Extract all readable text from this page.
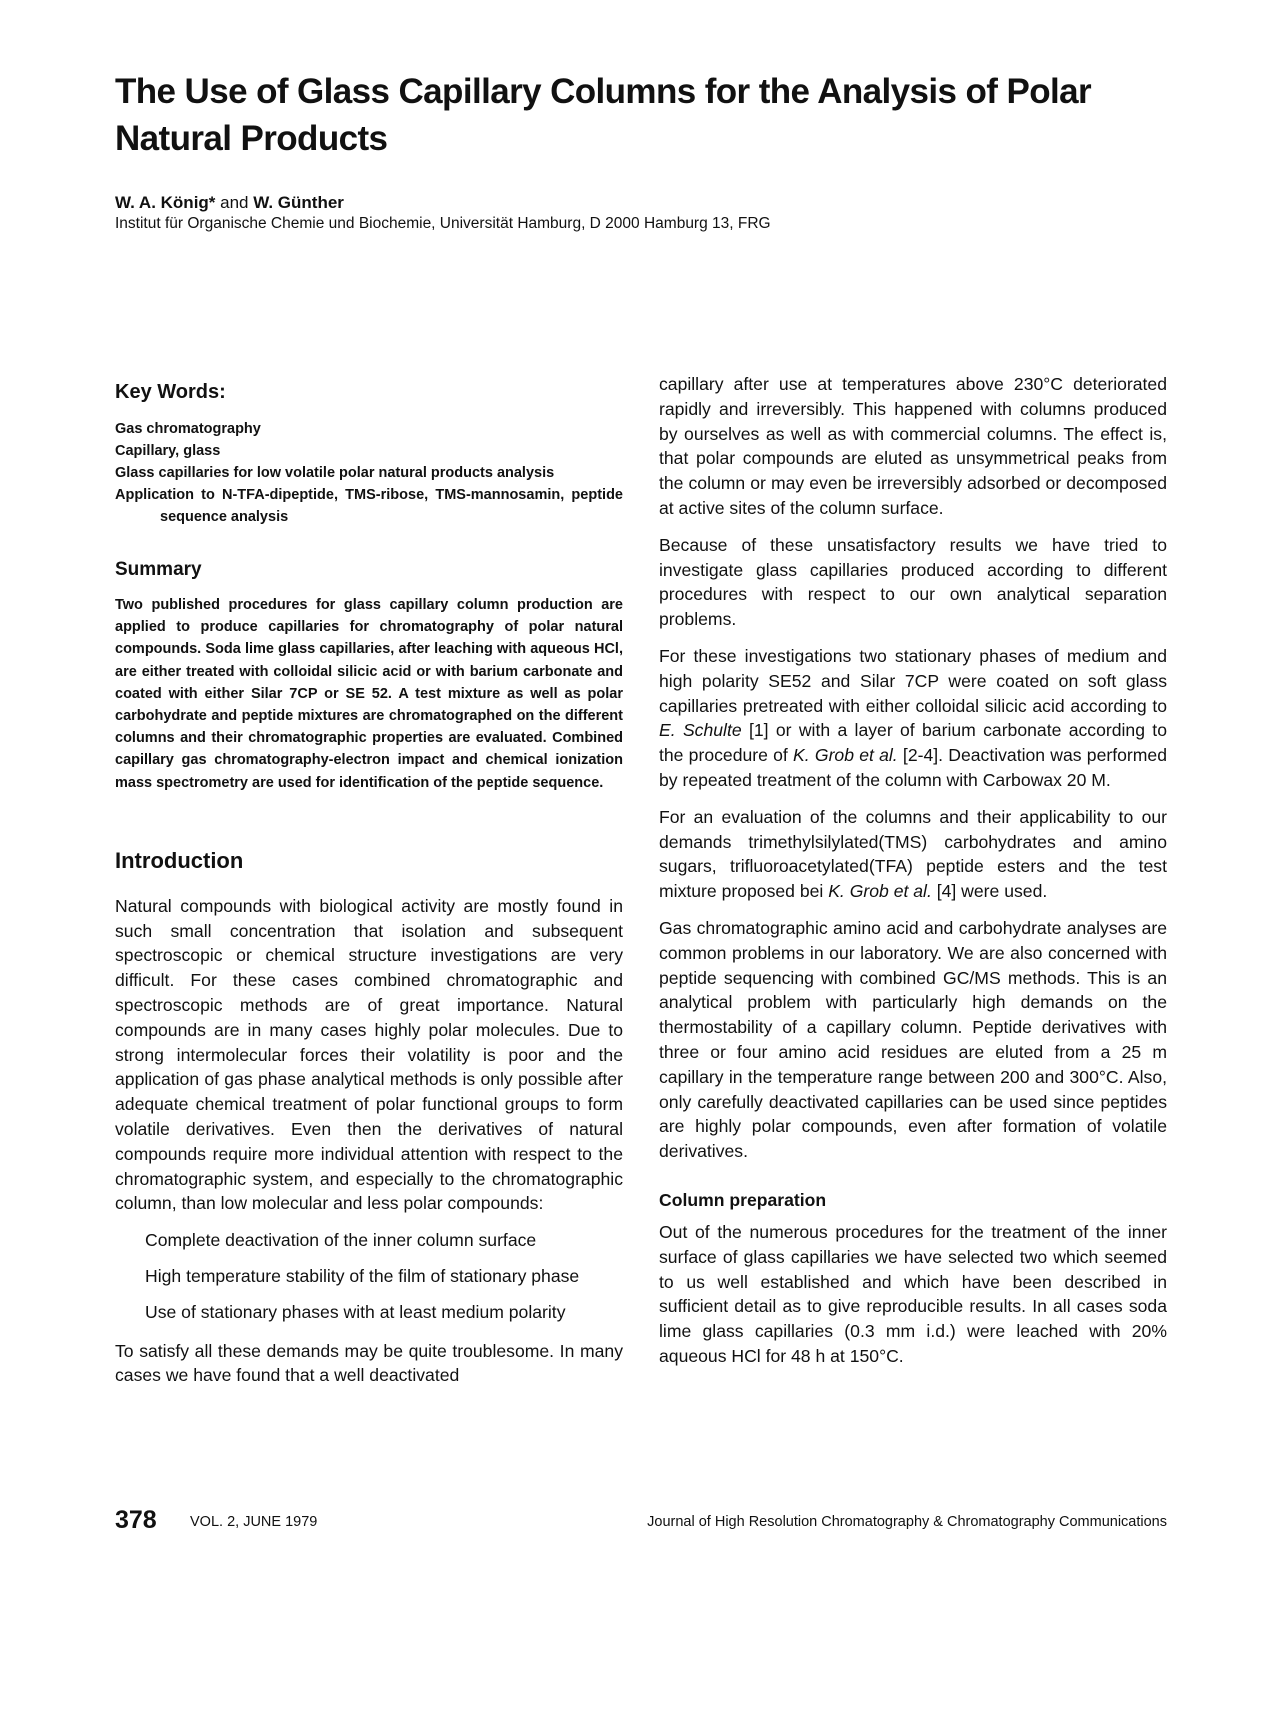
The Use of Glass Capillary Columns for the Analysis of Polar Natural Products

W. A. König* and W. Günther

Institut für Organische Chemie und Biochemie, Universität Hamburg, D 2000 Hamburg 13, FRG

Key Words:
Gas chromatography
Capillary, glass
Glass capillaries for low volatile polar natural products analysis
Application to N-TFA-dipeptide, TMS-ribose, TMS-mannosamin, peptide sequence analysis
Summary

Two published procedures for glass capillary column production are applied to produce capillaries for chromatography of polar natural compounds. Soda lime glass capillaries, after leaching with aqueous HCl, are either treated with colloidal silicic acid or with barium carbonate and coated with either Silar 7CP or SE 52. A test mixture as well as polar carbohydrate and peptide mixtures are chromatographed on the different columns and their chromatographic properties are evaluated. Combined capillary gas chromatography-electron impact and chemical ionization mass spectrometry are used for identification of the peptide sequence.

Introduction

Natural compounds with biological activity are mostly found in such small concentration that isolation and subsequent spectroscopic or chemical structure investigations are very difficult. For these cases combined chromatographic and spectroscopic methods are of great importance. Natural compounds are in many cases highly polar molecules. Due to strong intermolecular forces their volatility is poor and the application of gas phase analytical methods is only possible after adequate chemical treatment of polar functional groups to form volatile derivatives. Even then the derivatives of natural compounds require more individual attention with respect to the chromatographic system, and especially to the chromatographic column, than low molecular and less polar compounds:

Complete deactivation of the inner column surface
High temperature stability of the film of stationary phase
Use of stationary phases with at least medium polarity

To satisfy all these demands may be quite troublesome. In many cases we have found that a well deactivated

capillary after use at temperatures above 230°C deteriorated rapidly and irreversibly. This happened with columns produced by ourselves as well as with commercial columns. The effect is, that polar compounds are eluted as unsymmetrical peaks from the column or may even be irreversibly adsorbed or decomposed at active sites of the column surface.

Because of these unsatisfactory results we have tried to investigate glass capillaries produced according to different procedures with respect to our own analytical separation problems.

For these investigations two stationary phases of medium and high polarity SE52 and Silar 7CP were coated on soft glass capillaries pretreated with either colloidal silicic acid according to E. Schulte [1] or with a layer of barium carbonate according to the procedure of K. Grob et al. [2-4]. Deactivation was performed by repeated treatment of the column with Carbowax 20 M.

For an evaluation of the columns and their applicability to our demands trimethylsilylated(TMS) carbohydrates and amino sugars, trifluoroacetylated(TFA) peptide esters and the test mixture proposed bei K. Grob et al. [4] were used.

Gas chromatographic amino acid and carbohydrate analyses are common problems in our laboratory. We are also concerned with peptide sequencing with combined GC/MS methods. This is an analytical problem with particularly high demands on the thermostability of a capillary column. Peptide derivatives with three or four amino acid residues are eluted from a 25 m capillary in the temperature range between 200 and 300°C. Also, only carefully deactivated capillaries can be used since peptides are highly polar compounds, even after formation of volatile derivatives.

Column preparation

Out of the numerous procedures for the treatment of the inner surface of glass capillaries we have selected two which seemed to us well established and which have been described in sufficient detail as to give reproducible results. In all cases soda lime glass capillaries (0.3 mm i.d.) were leached with 20% aqueous HCl for 48 h at 150°C.

378 VOL. 2, JUNE 1979	Journal of High Resolution Chromatography & Chromatography Communications
